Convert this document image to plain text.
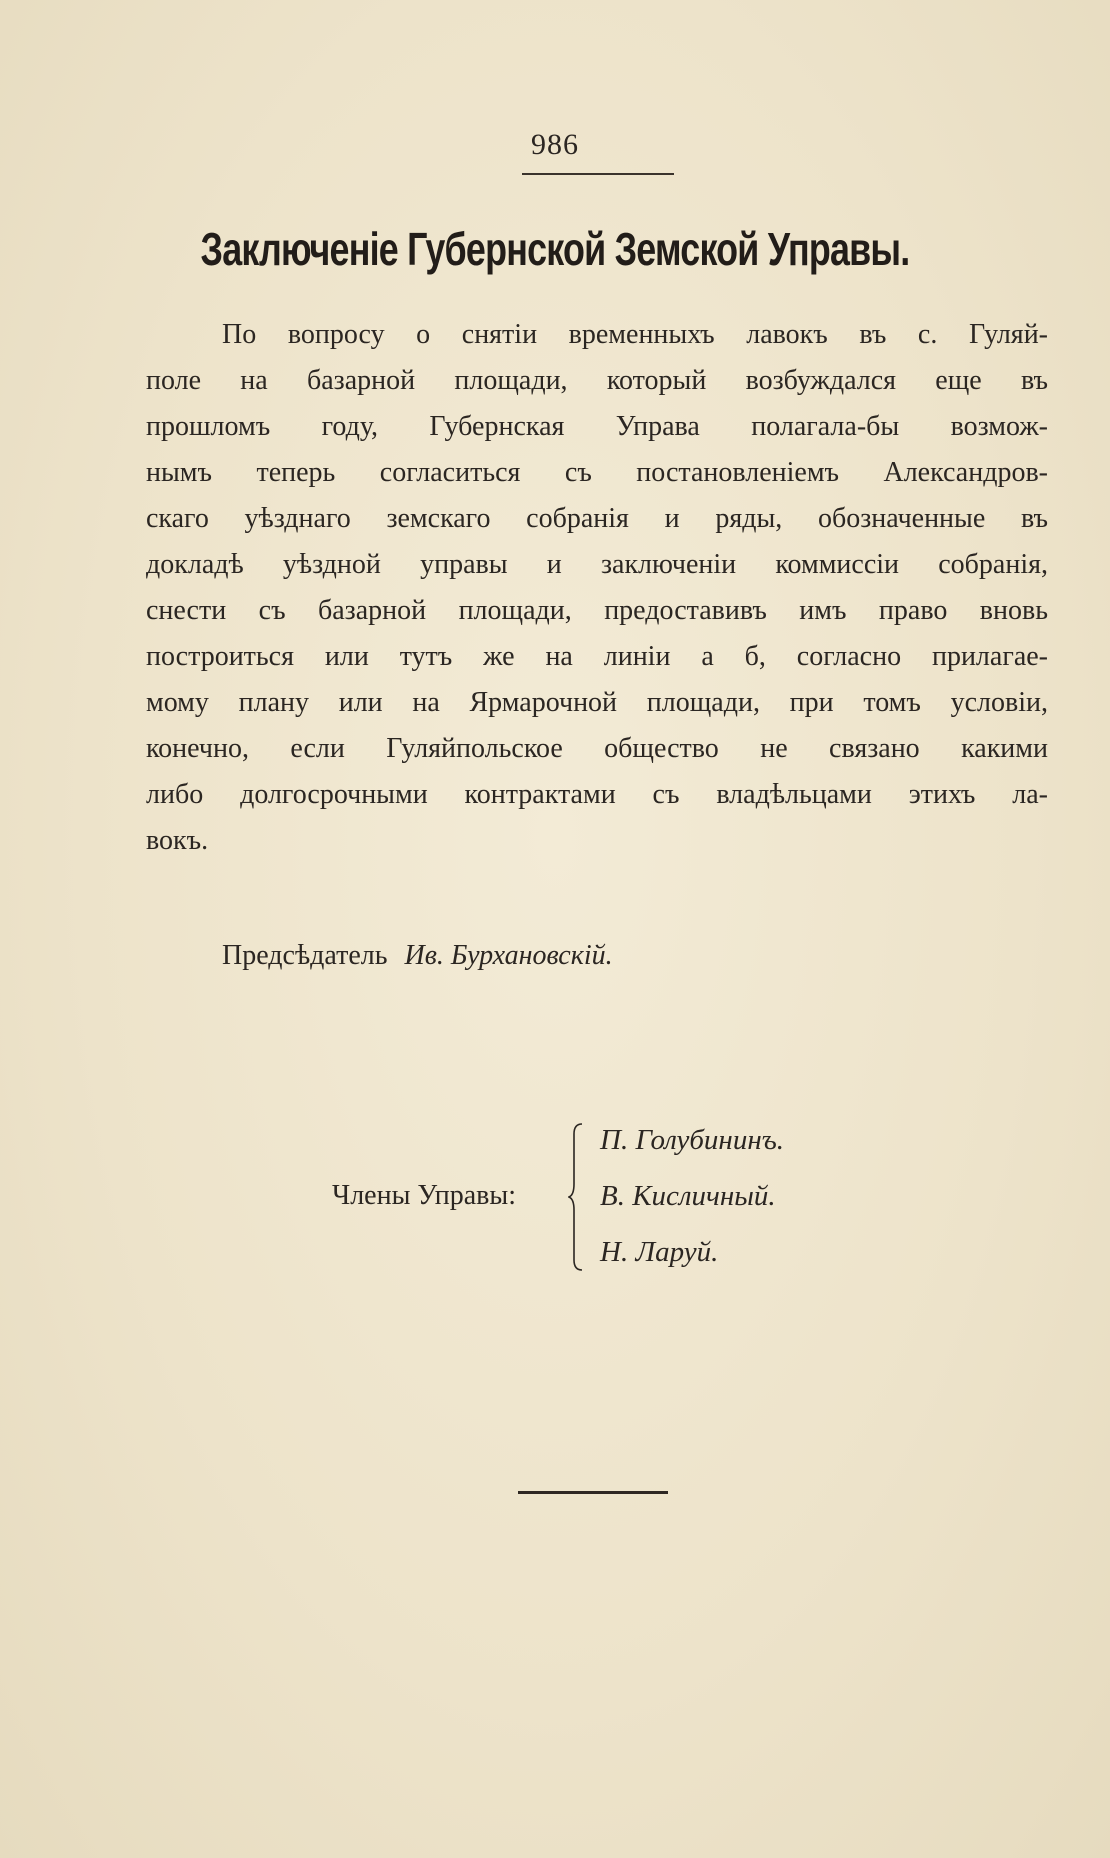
986
Заключеніе Губернской Земской Управы.
По вопросу о снятіи временныхъ лавокъ въ с. Гуляй-
поле на базарной площади, который возбуждался еще въ
прошломъ году, Губернская Управа полагала-бы возмож-
нымъ теперь согласиться съ постановленіемъ Александров-
скаго уѣзднаго земскаго собранія и ряды, обозначенные въ
докладѣ уѣздной управы и заключеніи коммиссіи собранія,
снести съ базарной площади, предоставивъ имъ право вновь
построиться или тутъ же на линіи а б, согласно прилагае-
мому плану или на Ярмарочной площади, при томъ условіи,
конечно, если Гуляйпольское общество не связано какими
либо долгосрочными контрактами съ владѣльцами этихъ ла-
вокъ.
Предсѣдатель Ив. Бурхановскій.
Члены Управы:
П. Голубининъ.
В. Кисличный.
Н. Ларуй.
